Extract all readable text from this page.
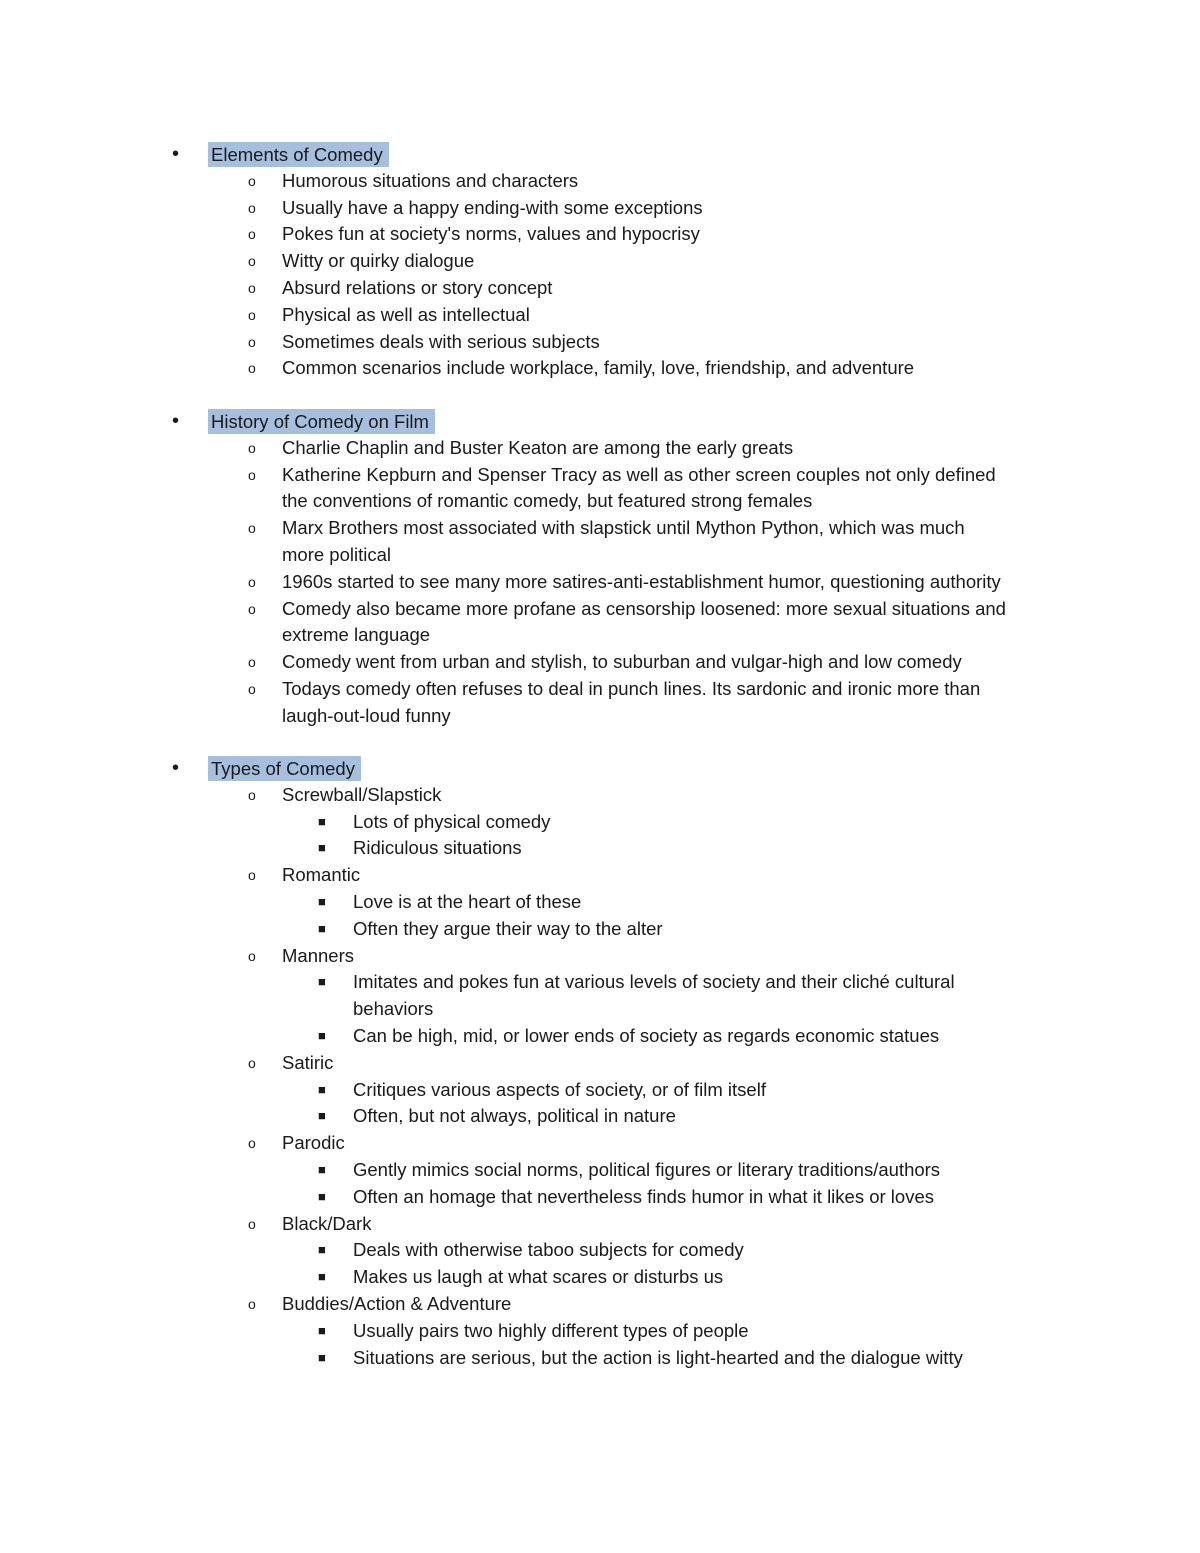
• Elements of Comedy
o Humorous situations and characters
o Usually have a happy ending-with some exceptions
o Pokes fun at society's norms, values and hypocrisy
o Witty or quirky dialogue
o Absurd relations or story concept
o Physical as well as intellectual
o Sometimes deals with serious subjects
o Common scenarios include workplace, family, love, friendship, and adventure
• History of Comedy on Film
o Charlie Chaplin and Buster Keaton are among the early greats
o Katherine Kepburn and Spenser Tracy as well as other screen couples not only defined
the conventions of romantic comedy, but featured strong females
o Marx Brothers most associated with slapstick until Mython Python, which was much
more political
o 1960s started to see many more satires-anti-establishment humor, questioning authority
o Comedy also became more profane as censorship loosened: more sexual situations and
extreme language
o Comedy went from urban and stylish, to suburban and vulgar-high and low comedy
o Todays comedy often refuses to deal in punch lines. Its sardonic and ironic more than
laugh-out-loud funny
• Types of Comedy
o Screwball/Slapstick
■ Lots of physical comedy
■ Ridiculous situations
o Romantic
■ Love is at the heart of these
■ Often they argue their way to the alter
o Manners
■ Imitates and pokes fun at various levels of society and their cliché cultural
behaviors
■ Can be high, mid, or lower ends of society as regards economic statues
o Satiric
■ Critiques various aspects of society, or of film itself
■ Often, but not always, political in nature
o Parodic
■ Gently mimics social norms, political figures or literary traditions/authors
■ Often an homage that nevertheless finds humor in what it likes or loves
o Black/Dark
■ Deals with otherwise taboo subjects for comedy
■ Makes us laugh at what scares or disturbs us
o Buddies/Action & Adventure
■ Usually pairs two highly different types of people
■ Situations are serious, but the action is light-hearted and the dialogue witty
